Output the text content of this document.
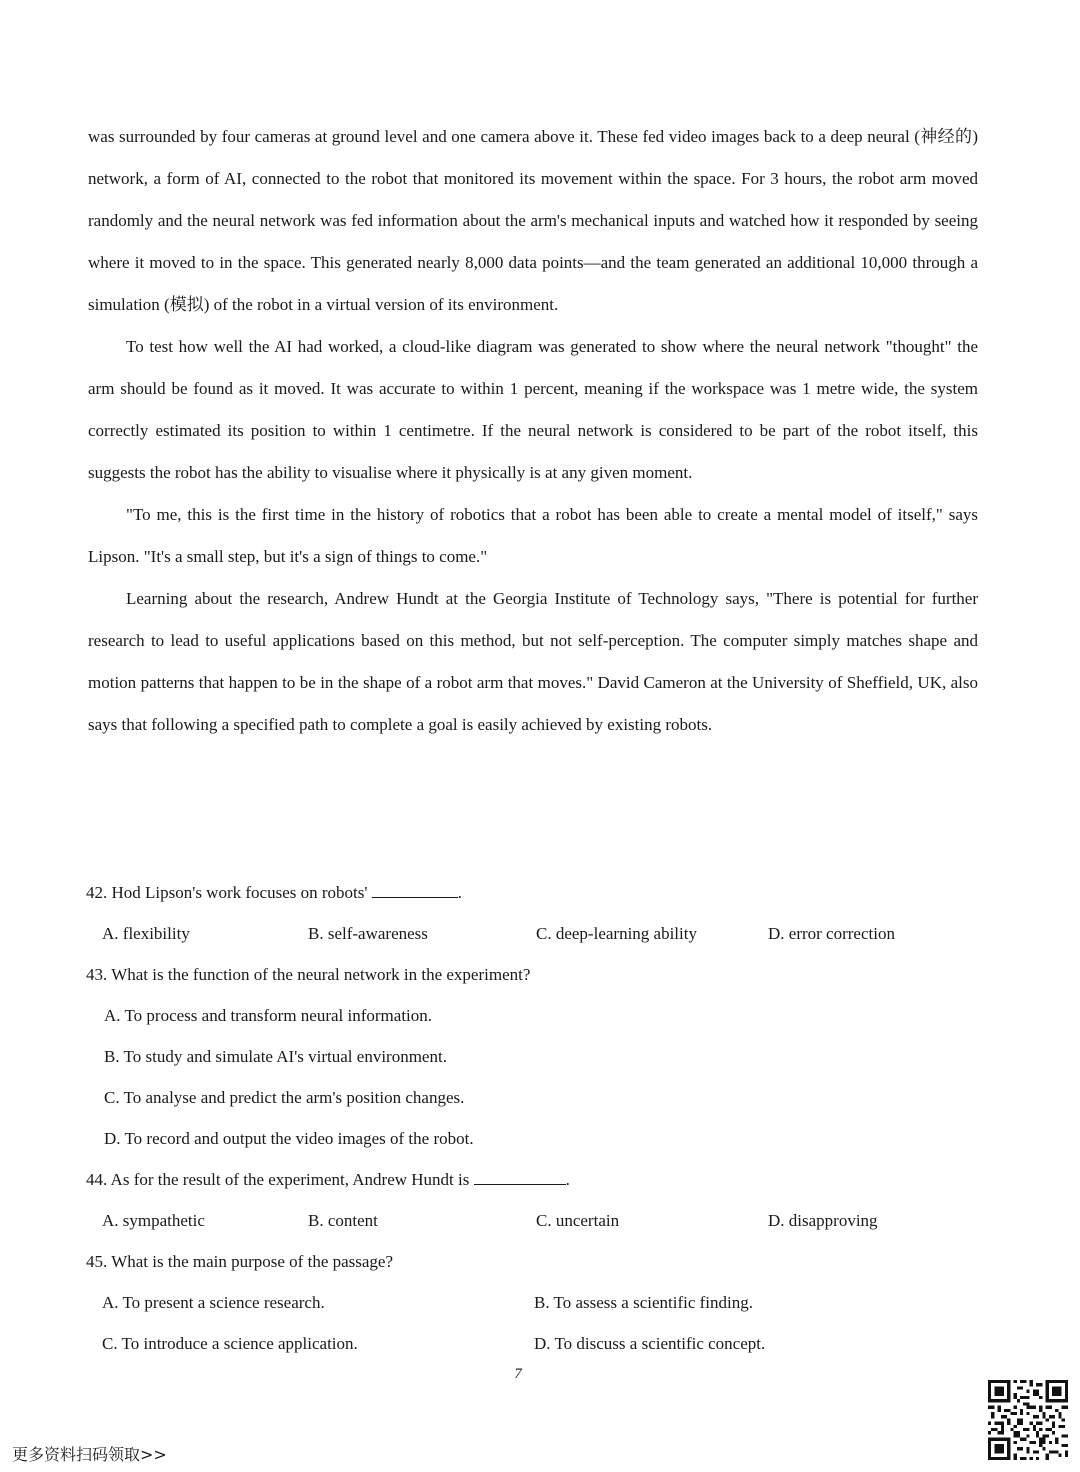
was surrounded by four cameras at ground level and one camera above it. These fed video images back to a deep neural (神经的) network, a form of AI, connected to the robot that monitored its movement within the space. For 3 hours, the robot arm moved randomly and the neural network was fed information about the arm's mechanical inputs and watched how it responded by seeing where it moved to in the space. This generated nearly 8,000 data points—and the team generated an additional 10,000 through a simulation (模拟) of the robot in a virtual version of its environment.

To test how well the AI had worked, a cloud-like diagram was generated to show where the neural network "thought" the arm should be found as it moved. It was accurate to within 1 percent, meaning if the workspace was 1 metre wide, the system correctly estimated its position to within 1 centimetre. If the neural network is considered to be part of the robot itself, this suggests the robot has the ability to visualise where it physically is at any given moment.

"To me, this is the first time in the history of robotics that a robot has been able to create a mental model of itself," says Lipson. "It's a small step, but it's a sign of things to come."

Learning about the research, Andrew Hundt at the Georgia Institute of Technology says, "There is potential for further research to lead to useful applications based on this method, but not self-perception. The computer simply matches shape and motion patterns that happen to be in the shape of a robot arm that moves." David Cameron at the University of Sheffield, UK, also says that following a specified path to complete a goal is easily achieved by existing robots.

42. Hod Lipson's work focuses on robots'	.

A. flexibility	B. self-awareness	C. deep-learning ability	D. error correction

43. What is the function of the neural network in the experiment?

A. To process and transform neural information.

B. To study and simulate AI's virtual environment.

C. To analyse and predict the arm's position changes.

D. To record and output the video images of the robot.

44. As for the result of the experiment, Andrew Hundt is	.

A. sympathetic	B. content	C. uncertain	D. disapproving

45. What is the main purpose of the passage?

A. To present a science research.	B. To assess a scientific finding.
C. To introduce a science application.	D. To discuss a scientific concept.
7
更多资料扫码领取>>
